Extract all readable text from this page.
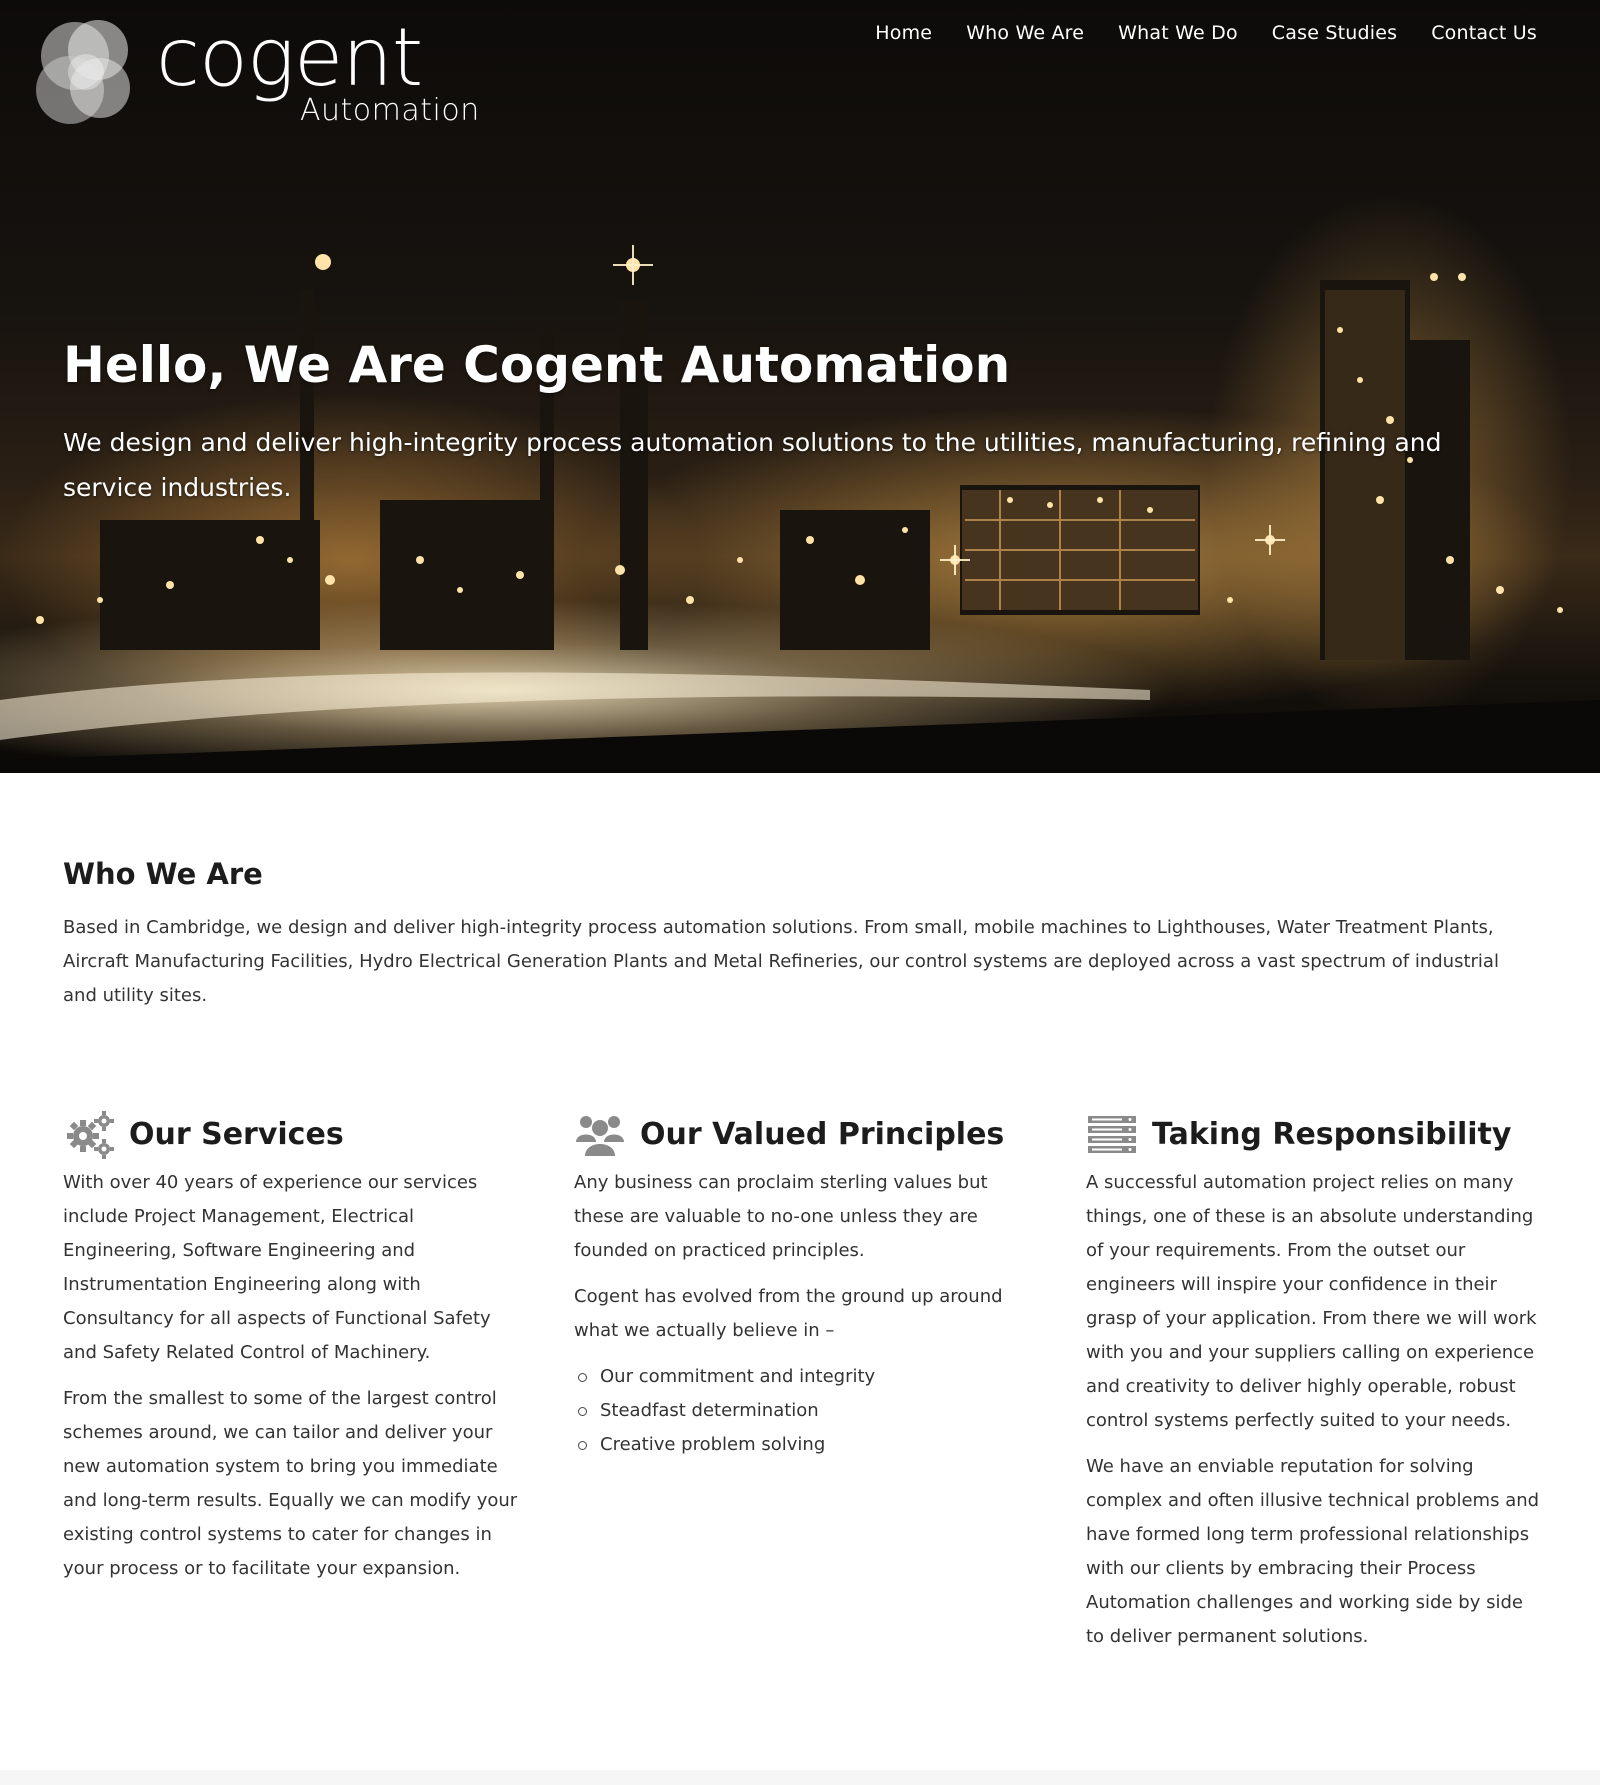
cogent
Automation
Home	Who We Are	What We Do	Case Studies	Contact Us
Hello, We Are Cogent Automation

We design and deliver high-integrity process automation solutions to the utilities, manufacturing, refining and service industries.

Who We Are

Based in Cambridge, we design and deliver high-integrity process automation solutions. From small, mobile machines to Lighthouses, Water Treatment Plants, Aircraft Manufacturing Facilities, Hydro Electrical Generation Plants and Metal Refineries, our control systems are deployed across a vast spectrum of industrial and utility sites.

Our Services

With over 40 years of experience our services include Project Management, Electrical Engineering, Software Engineering and Instrumentation Engineering along with Consultancy for all aspects of Functional Safety and Safety Related Control of Machinery.

From the smallest to some of the largest control schemes around, we can tailor and deliver your new automation system to bring you immediate and long-term results. Equally we can modify your existing control systems to cater for changes in your process or to facilitate your expansion.

Our Valued Principles

Any business can proclaim sterling values but these are valuable to no-one unless they are founded on practiced principles.

Cogent has evolved from the ground up around what we actually believe in –

Our commitment and integrity
Steadfast determination
Creative problem solving
Taking Responsibility

A successful automation project relies on many things, one of these is an absolute understanding of your requirements. From the outset our engineers will inspire your confidence in their grasp of your application. From there we will work with you and your suppliers calling on experience and creativity to deliver highly operable, robust control systems perfectly suited to your needs.

We have an enviable reputation for solving complex and often illusive technical problems and have formed long term professional relationships with our clients by embracing their Process Automation challenges and working side by side to deliver permanent solutions.
